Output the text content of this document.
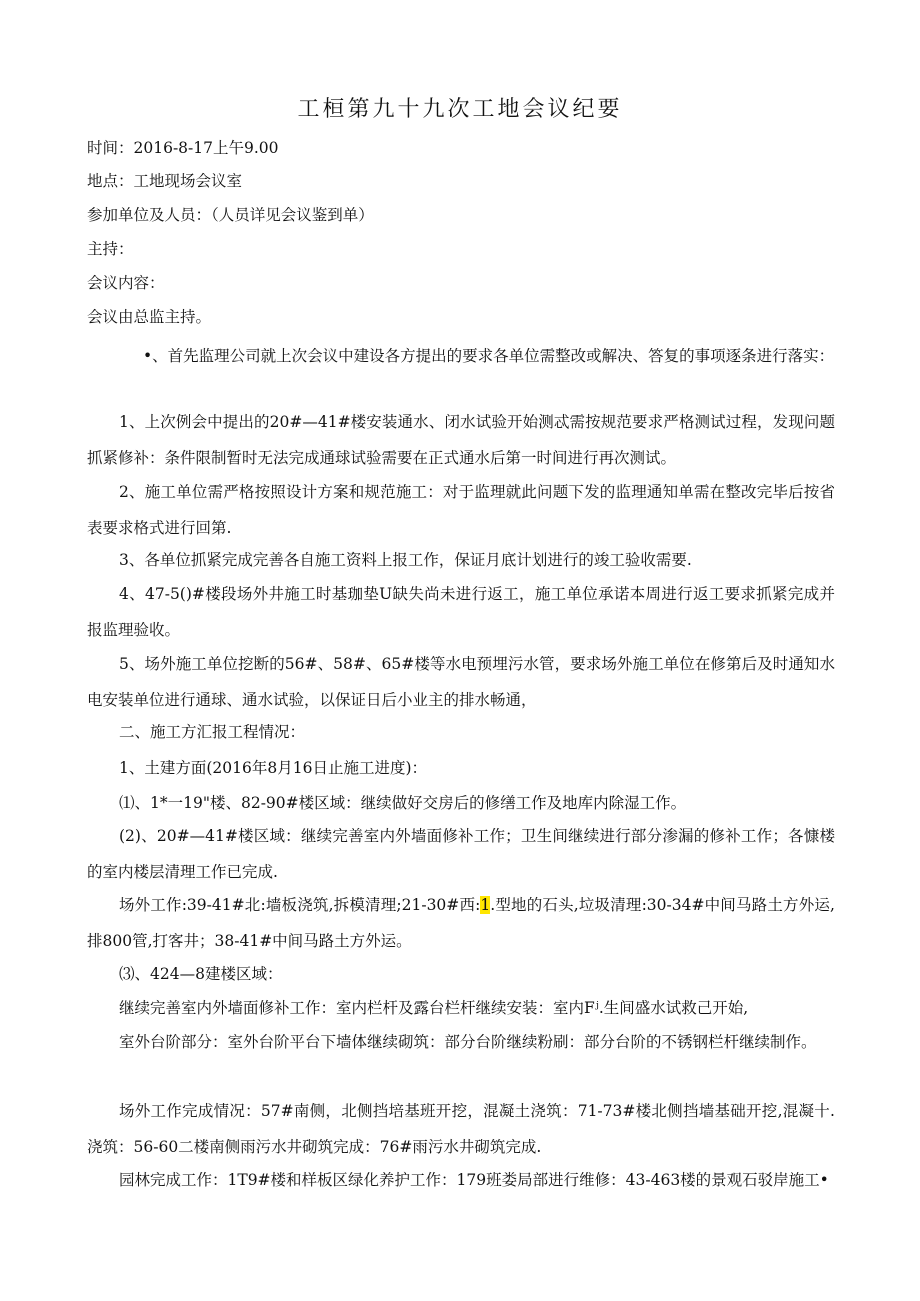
工桓第九十九次工地会议纪要
时间：2016-8-17上午9.00
地点：工地现场会议室
参加单位及人员：（人员详见会议鉴到单）
主持：
会议内容：
会议由总监主持。
•、首先监理公司就上次会议中建设各方提出的要求各单位需整改或解决、答复的事项逐条进行落实：
1、上次例会中提出的20#—41#楼安装通水、闭水试验开始测忒需按规范要求严格测试过程，发现问题抓紧修补：条件限制暂时无法完成通球试验需要在正式通水后第一时间进行再次测试。
2、施工单位需严格按照设计方案和规范施工：对于监理就此问题下发的监理通知单需在整改完毕后按省表要求格式进行回第.
3、各单位抓紧完成完善各自施工资料上报工作，保证月底计划进行的竣工验收需要.
4、47-5()#楼段场外井施工时基珈垫U缺失尚未进行返工，施工单位承诺本周进行返工要求抓紧完成并报监理验收。
5、场外施工单位挖断的56#、58#、65#楼等水电预埋污水管，要求场外施工单位在修第后及时通知水电安装单位进行通球、通水试验，以保证日后小业主的排水畅通，
二、施工方汇报工程情况：
1、土建方面(2016年8月16日止施工进度)：
⑴、1*一19"楼、82-90#楼区域：继续做好交房后的修缮工作及地库内除湿工作。
(2)、20#—41#楼区域：继续完善室内外墙面修补工作；卫生间继续进行部分渗漏的修补工作；各慷楼的室内楼层清理工作已完成.
场外工作:39-41#北:墙板浇筑,拆模清理;21-30#西:1.型地的石头,垃圾清理:30-34#中间马路土方外运,排800管,打客井；38-41#中间马路土方外运。
⑶、424—8建楼区域：
继续完善室内外墙面修补工作：室内栏杆及露台栏杆继续安装：室内Fʲ.生间盛水试救己开始,
室外台阶部分：室外台阶平台下墙体继续砌筑：部分台阶继续粉刷：部分台阶的不锈钢栏杆继续制作。
场外工作完成情况：57#南侧，北侧挡培基班开挖，混凝土浇筑：71-73#楼北侧挡墙基础开挖,混凝十.浇筑：56-60二楼南侧雨污水井砌筑完成：76#雨污水井砌筑完成.
园林完成工作：1T9#楼和样板区绿化养护工作：179班娄局部进行维修：43-463楼的景观石驳岸施工•
